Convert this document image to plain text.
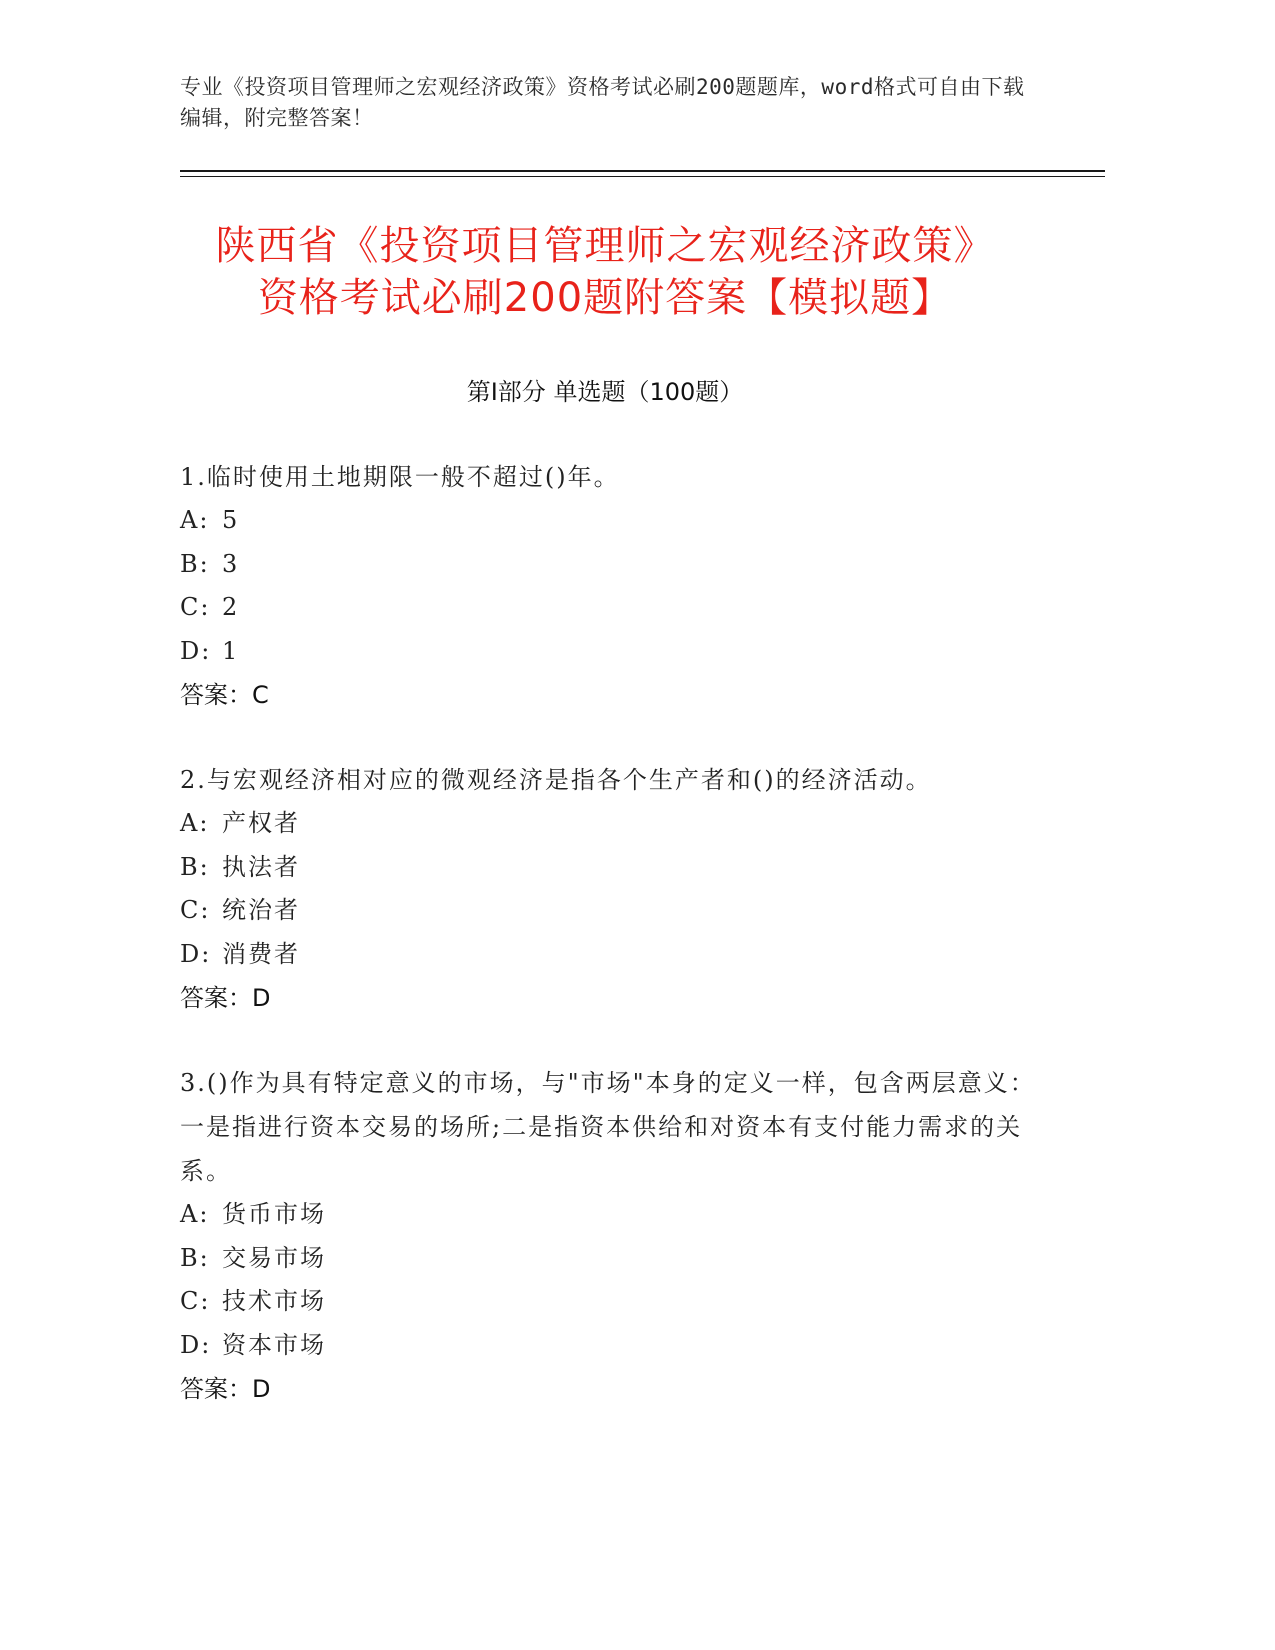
专业《投资项目管理师之宏观经济政策》资格考试必刷200题题库，word格式可自由下载编辑，附完整答案！
陕西省《投资项目管理师之宏观经济政策》
资格考试必刷200题附答案【模拟题】
第Ⅰ部分 单选题（100题）
1.临时使用土地期限一般不超过()年。
A: 5
B: 3
C: 2
D: 1
答案：C
2.与宏观经济相对应的微观经济是指各个生产者和()的经济活动。
A: 产权者
B: 执法者
C: 统治者
D: 消费者
答案：D
3.()作为具有特定意义的市场，与"市场"本身的定义一样，包含两层意义：一是指进行资本交易的场所;二是指资本供给和对资本有支付能力需求的关系。
A: 货币市场
B: 交易市场
C: 技术市场
D: 资本市场
答案：D
